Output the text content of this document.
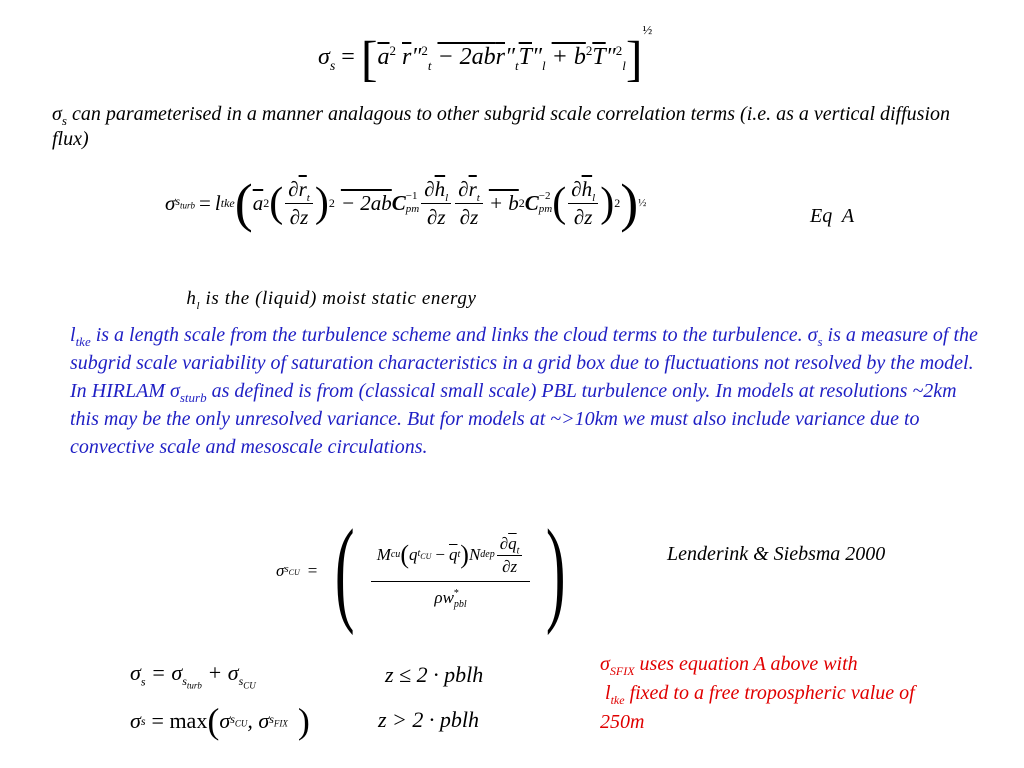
$\sigma_s = [\overline{a}^2$ $\overline{r}''^2_t - 2ab\overline{r}''_t\overline{T}''_l + b^2\overline{T}''^2_l]^{\frac{1}{2}}$
$\sigma_s$ can parameterised in a manner analagous to other subgrid scale correlation terms (i.e. as a vertical diffusion flux)
σ $s_{turb} = l$ tke ( $\overline{a}$ 2 ( $\frac{\partial\overline{r}_t}{\partial z}$ ) 2 − 2ab C −1
pm $\frac{\partial\overline{h}_l}{\partial z} \frac{\partial\overline{r}_t}{\partial z} + b$ 2 C −2
pm ( $\frac{\partial\overline{h}_l}{\partial z}$ ) 2 ) ½
Eq  A

$h_l$ is the (liquid) moist static energy

$l_{tke}$ is a length scale from the turbulence scheme and links the cloud terms to the turbulence. $\sigma_s$ is a measure of the subgrid scale variability of saturation characteristics in a grid box due to fluctuations not resolved by the model. In HIRLAM $\sigma_{sturb}$ as defined is from (classical small scale) PBL turbulence only. In models at resolutions ~2km this may be the only unresolved variance. But for models at ~>10km we must also include variance due to convective scale and mesoscale circulations.
σ $s_{CU}$ = ( M cu ( q $t_{CU} - \overline{q}$ t ) N dep $\frac{\partial\overline{q}_t}{\partial z}$
ρw *
pbl )	Lenderink & Siebsma 2000
$\sigma_s = \sigma_{s_{turb}} + \sigma_{s_{CU}}$	z ≤ 2 · pblh
σ s = max ( σ $s_{CU}$ , σ $s_{FIX}$ )	z > 2 · pblh
$\sigma_{SFIX}$ uses equation A above with
$l_{tke}$ fixed to a free tropospheric value of 250m
